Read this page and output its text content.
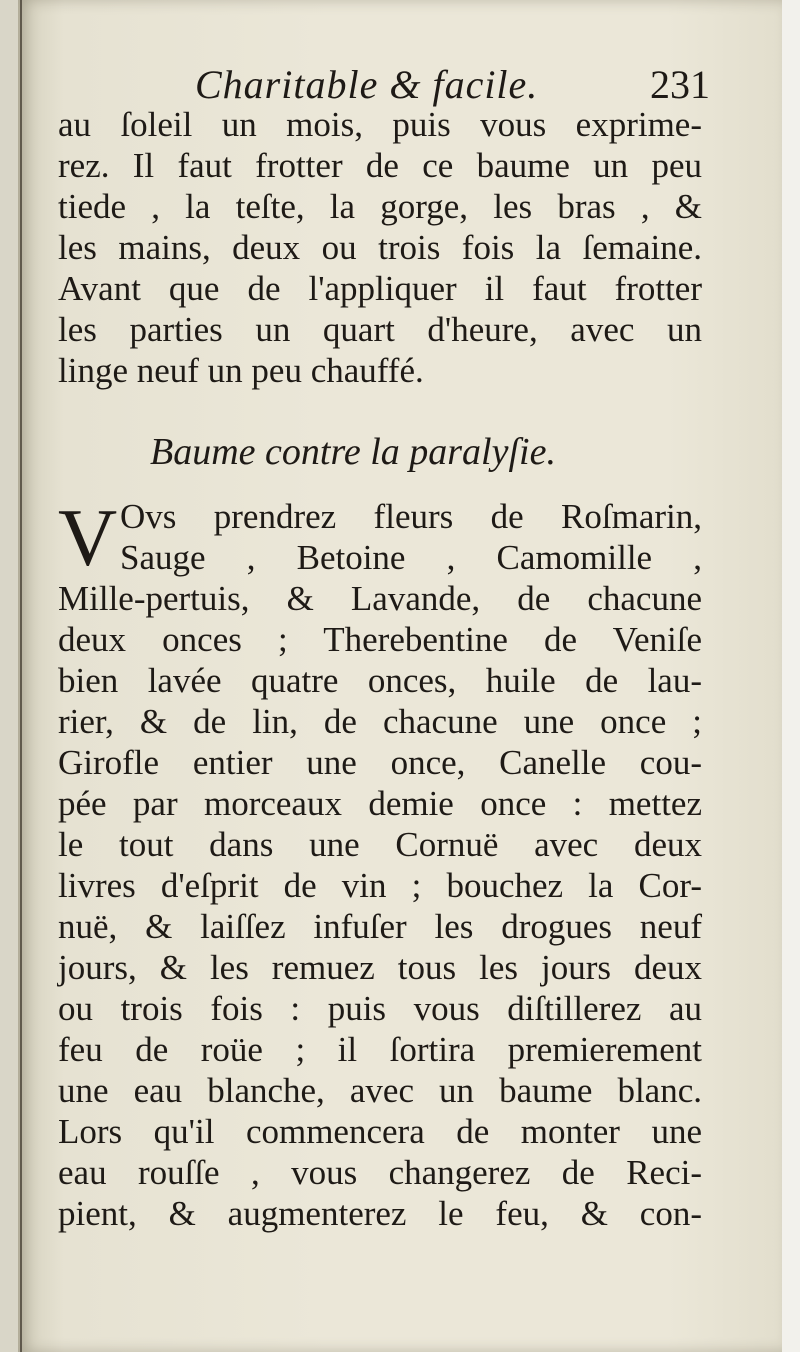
Charitable & facile.	231
au ſoleil un mois, puis vous exprime-
rez. Il faut frotter de ce baume un peu
tiede , la teſte, la gorge, les bras , &
les mains, deux ou trois fois la ſemaine.
Avant que de l'appliquer il faut frotter
les parties un quart d'heure, avec un
linge neuf un peu chauffé.
Baume contre la paralyſie.
V Ovs prendrez fleurs de Roſmarin,
Sauge , Betoine , Camomille ,
Mille-pertuis, & Lavande, de chacune
deux onces ; Therebentine de Veniſe
bien lavée quatre onces, huile de lau-
rier, & de lin, de chacune une once ;
Girofle entier une once, Canelle cou-
pée par morceaux demie once : mettez
le tout dans une Cornuë avec deux
livres d'eſprit de vin ; bouchez la Cor-
nuë, & laiſſez infuſer les drogues neuf
jours, & les remuez tous les jours deux
ou trois fois : puis vous diſtillerez au
feu de roüe ; il ſortira premierement
une eau blanche, avec un baume blanc.
Lors qu'il commencera de monter une
eau rouſſe , vous changerez de Reci-
pient, & augmenterez le feu, & con-
